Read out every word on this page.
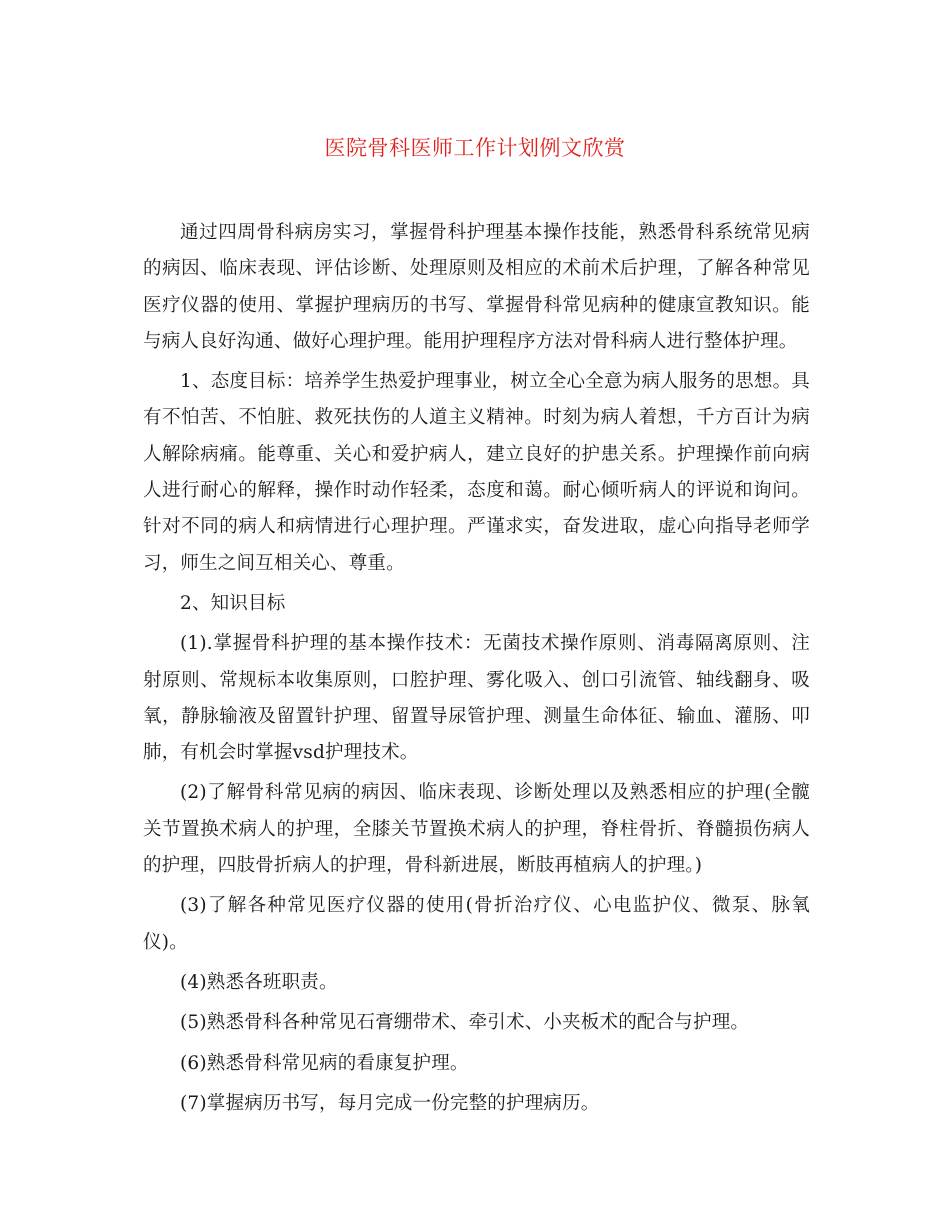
医院骨科医师工作计划例文欣赏

通过四周骨科病房实习，掌握骨科护理基本操作技能，熟悉骨科系统常见病的病因、临床表现、评估诊断、处理原则及相应的术前术后护理，了解各种常见医疗仪器的使用、掌握护理病历的书写、掌握骨科常见病种的健康宣教知识。能与病人良好沟通、做好心理护理。能用护理程序方法对骨科病人进行整体护理。

1、态度目标：培养学生热爱护理事业，树立全心全意为病人服务的思想。具有不怕苦、不怕脏、救死扶伤的人道主义精神。时刻为病人着想，千方百计为病人解除病痛。能尊重、关心和爱护病人，建立良好的护患关系。护理操作前向病人进行耐心的解释，操作时动作轻柔，态度和蔼。耐心倾听病人的评说和询问。针对不同的病人和病情进行心理护理。严谨求实，奋发进取，虚心向指导老师学习，师生之间互相关心、尊重。

2、知识目标

(1).掌握骨科护理的基本操作技术：无菌技术操作原则、消毒隔离原则、注射原则、常规标本收集原则，口腔护理、雾化吸入、创口引流管、轴线翻身、吸氧，静脉输液及留置针护理、留置导尿管护理、测量生命体征、输血、灌肠、叩肺，有机会时掌握vsd护理技术。

(2)了解骨科常见病的病因、临床表现、诊断处理以及熟悉相应的护理(全髋关节置换术病人的护理，全膝关节置换术病人的护理，脊柱骨折、脊髓损伤病人的护理，四肢骨折病人的护理，骨科新进展，断肢再植病人的护理。)

(3)了解各种常见医疗仪器的使用(骨折治疗仪、心电监护仪、微泵、脉氧仪)。

(4)熟悉各班职责。

(5)熟悉骨科各种常见石膏绷带术、牵引术、小夹板术的配合与护理。

(6)熟悉骨科常见病的看康复护理。

(7)掌握病历书写，每月完成一份完整的护理病历。
